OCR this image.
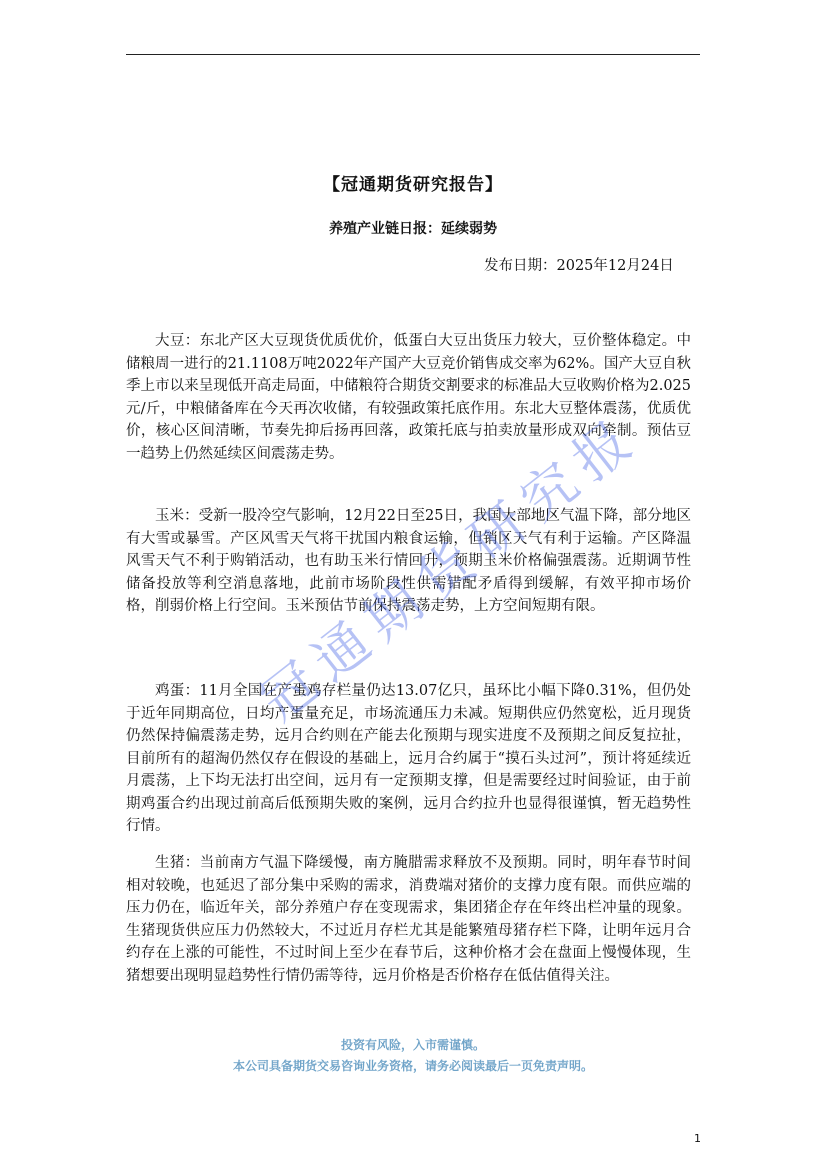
【冠通期货研究报告】
养殖产业链日报：延续弱势
发布日期：2025年12月24日

大豆：东北产区大豆现货优质优价，低蛋白大豆出货压力较大，豆价整体稳定。中储粮周一进行的21.1108万吨2022年产国产大豆竞价销售成交率为62%。国产大豆自秋季上市以来呈现低开高走局面，中储粮符合期货交割要求的标准品大豆收购价格为2.025元/斤，中粮储备库在今天再次收储，有较强政策托底作用。东北大豆整体震荡，优质优价，核心区间清晰，节奏先抑后扬再回落，政策托底与拍卖放量形成双向牵制。预估豆一趋势上仍然延续区间震荡走势。

玉米：受新一股冷空气影响，12月22日至25日，我国大部地区气温下降，部分地区有大雪或暴雪。产区风雪天气将干扰国内粮食运输，但销区天气有利于运输。产区降温风雪天气不利于购销活动，也有助玉米行情回升，预期玉米价格偏强震荡。近期调节性储备投放等利空消息落地，此前市场阶段性供需错配矛盾得到缓解，有效平抑市场价格，削弱价格上行空间。玉米预估节前保持震荡走势，上方空间短期有限。

鸡蛋：11月全国在产蛋鸡存栏量仍达13.07亿只，虽环比小幅下降0.31%，但仍处于近年同期高位，日均产蛋量充足，市场流通压力未减。短期供应仍然宽松，近月现货仍然保持偏震荡走势，远月合约则在产能去化预期与现实进度不及预期之间反复拉扯，目前所有的超淘仍然仅存在假设的基础上，远月合约属于“摸石头过河”，预计将延续近月震荡，上下均无法打出空间，远月有一定预期支撑，但是需要经过时间验证，由于前期鸡蛋合约出现过前高后低预期失败的案例，远月合约拉升也显得很谨慎，暂无趋势性行情。

生猪：当前南方气温下降缓慢，南方腌腊需求释放不及预期。同时，明年春节时间相对较晚，也延迟了部分集中采购的需求，消费端对猪价的支撑力度有限。而供应端的压力仍在，临近年关，部分养殖户存在变现需求，集团猪企存在年终出栏冲量的现象。生猪现货供应压力仍然较大，不过近月存栏尤其是能繁殖母猪存栏下降，让明年远月合约存在上涨的可能性，不过时间上至少在春节后，这种价格才会在盘面上慢慢体现，生猪想要出现明显趋势性行情仍需等待，远月价格是否价格存在低估值得关注。

冠
通
期
货
研
究
报
投资有风险，入市需谨慎。
本公司具备期货交易咨询业务资格，请务必阅读最后一页免责声明。
1
